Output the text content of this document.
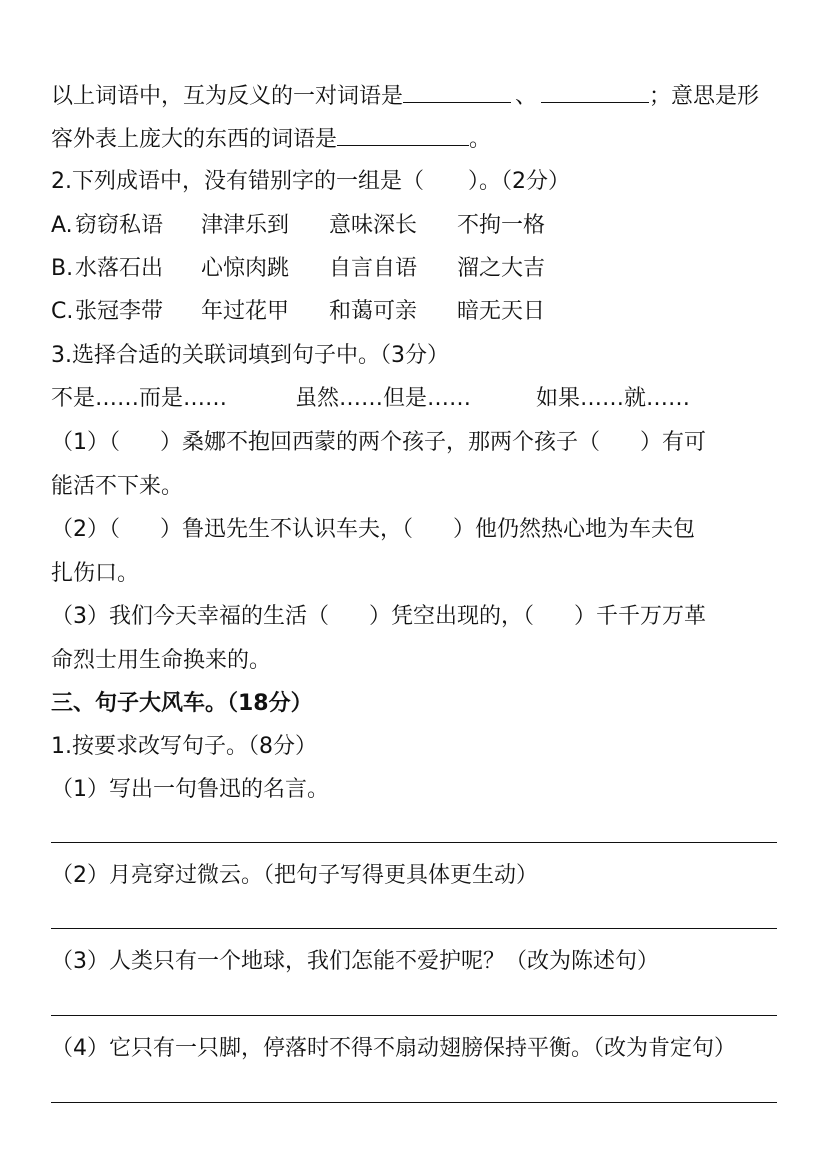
以上词语中，互为反义的一对词语是	、	；意思是形
容外表上庞大的东西的词语是	。
2.下列成语中，没有错别字的一组是（　　）。（2分）
A. 窃窃私语 津津乐到 意味深长 不拘一格
B.水落石出 心惊肉跳 自言自语 溜之大吉
C.张冠李带 年过花甲 和蔼可亲 暗无天日
3.选择合适的关联词填到句子中。（3分）
不是……而是……	虽然……但是……	如果……就……
（1）（ ）桑娜不抱回西蒙的两个孩子，那两个孩子（ ）有可
能活不下来。
（2）（ ）鲁迅先生不认识车夫，（ ）他仍然热心地为车夫包
扎伤口。
（3）我们今天幸福的生活（ ）凭空出现的，（ ）千千万万革
命烈士用生命换来的。
三、句子大风车。（18分）
1.按要求改写句子。（8分）
（1）写出一句鲁迅的名言。
（2）月亮穿过微云。（把句子写得更具体更生动）
（3）人类只有一个地球，我们怎能不爱护呢？（改为陈述句）
（4）它只有一只脚，停落时不得不扇动翅膀保持平衡。（改为肯定句）
